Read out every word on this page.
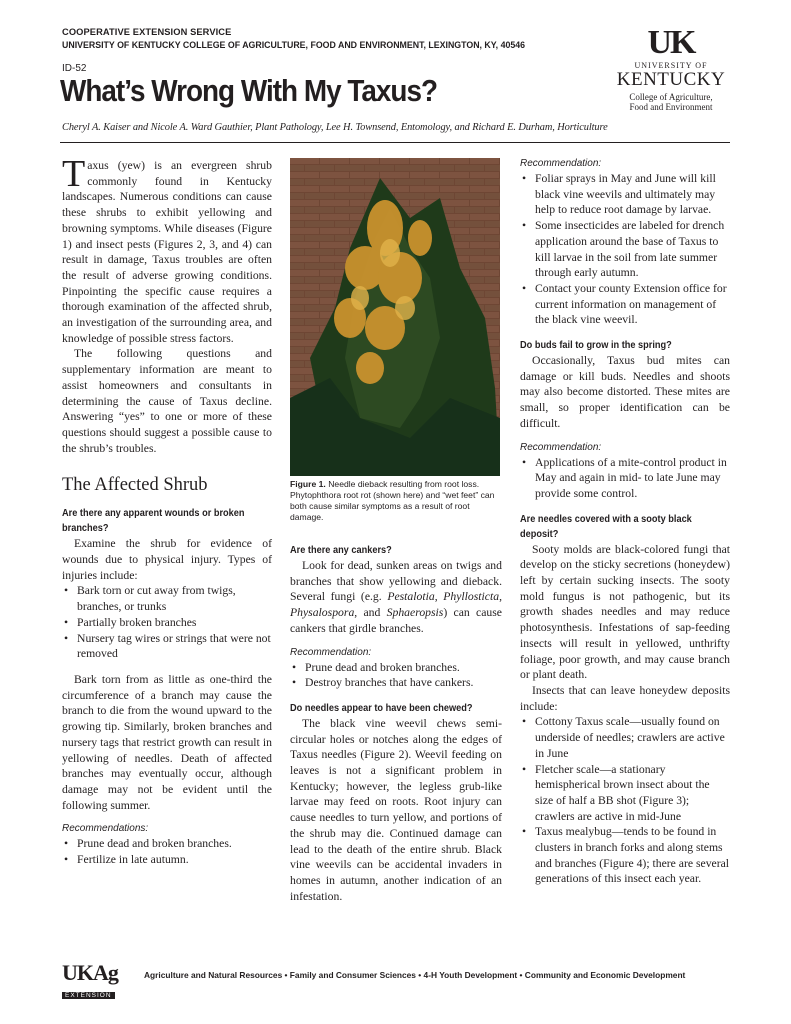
COOPERATIVE EXTENSION SERVICE
UNIVERSITY OF KENTUCKY COLLEGE OF AGRICULTURE, FOOD AND ENVIRONMENT, LEXINGTON, KY, 40546
ID-52
What’s Wrong With My Taxus?
Cheryl A. Kaiser and Nicole A. Ward Gauthier, Plant Pathology, Lee H. Townsend, Entomology, and Richard E. Durham, Horticulture
UK
UNIVERSITY OF
KENTUCKY
College of Agriculture,
Food and Environment

Taxus (yew) is an evergreen shrub commonly found in Kentucky landscapes. Numerous conditions can cause these shrubs to exhibit yellowing and browning symptoms. While diseases (Figure 1) and insect pests (Figures 2, 3, and 4) can result in damage, Taxus troubles are often the result of adverse growing conditions. Pinpointing the specific cause requires a thorough examination of the affected shrub, an investigation of the surrounding area, and knowledge of possible stress factors.

The following questions and supplementary information are meant to assist homeowners and consultants in determining the cause of Taxus decline. Answering “yes” to one or more of these questions should suggest a possible cause to the shrub’s troubles.

The Affected Shrub
Are there any apparent wounds or broken branches?

Examine the shrub for evidence of wounds due to physical injury. Types of injuries include:

• Bark torn or cut away from twigs, branches, or trunks
• Partially broken branches
• Nursery tag wires or strings that were not removed

Bark torn from as little as one-third the circumference of a branch may cause the branch to die from the wound upward to the growing tip. Similarly, broken branches and nursery tags that restrict growth can result in yellowing of needles. Death of affected branches may eventually occur, although damage may not be evident until the following summer.

Recommendations:
• Prune dead and broken branches.
• Fertilize in late autumn.
Figure 1. Needle dieback resulting from root loss. Phytophthora root rot (shown here) and “wet feet” can both cause similar symptoms as a result of root damage.
Are there any cankers?

Look for dead, sunken areas on twigs and branches that show yellowing and dieback. Several fungi (e.g. Pestalotia, Phyllosticta, Physalospora, and Sphaeropsis) can cause cankers that girdle branches.

Recommendation:
• Prune dead and broken branches.
• Destroy branches that have cankers.
Do needles appear to have been chewed?

The black vine weevil chews semi-circular holes or notches along the edges of Taxus needles (Figure 2). Weevil feeding on leaves is not a significant problem in Kentucky; however, the legless grub-like larvae may feed on roots. Root injury can cause needles to turn yellow, and portions of the shrub may die. Continued damage can lead to the death of the entire shrub. Black vine weevils can be accidental invaders in homes in autumn, another indication of an infestation.

Recommendation:
• Foliar sprays in May and June will kill black vine weevils and ultimately may help to reduce root damage by larvae.
• Some insecticides are labeled for drench application around the base of Taxus to kill larvae in the soil from late summer through early autumn.
• Contact your county Extension office for current information on management of the black vine weevil.
Do buds fail to grow in the spring?

Occasionally, Taxus bud mites can damage or kill buds. Needles and shoots may also become distorted. These mites are small, so proper identification can be difficult.

Recommendation:
• Applications of a mite-control product in May and again in mid- to late June may provide some control.
Are needles covered with a sooty black deposit?

Sooty molds are black-colored fungi that develop on the sticky secretions (honeydew) left by certain sucking insects. The sooty mold fungus is not pathogenic, but its growth shades needles and may reduce photosynthesis. Infestations of sap-feeding insects will result in yellowed, unthrifty foliage, poor growth, and may cause branch or plant death.

Insects that can leave honeydew deposits include:

• Cottony Taxus scale—usually found on underside of needles; crawlers are active in June
• Fletcher scale—a stationary hemispherical brown insect about the size of half a BB shot (Figure 3); crawlers are active in mid-June
• Taxus mealybug—tends to be found in clusters in branch forks and along stems and branches (Figure 4); there are several generations of this insect each year.
UKAg
EXTENSION
Agriculture and Natural Resources • Family and Consumer Sciences • 4-H Youth Development • Community and Economic Development
